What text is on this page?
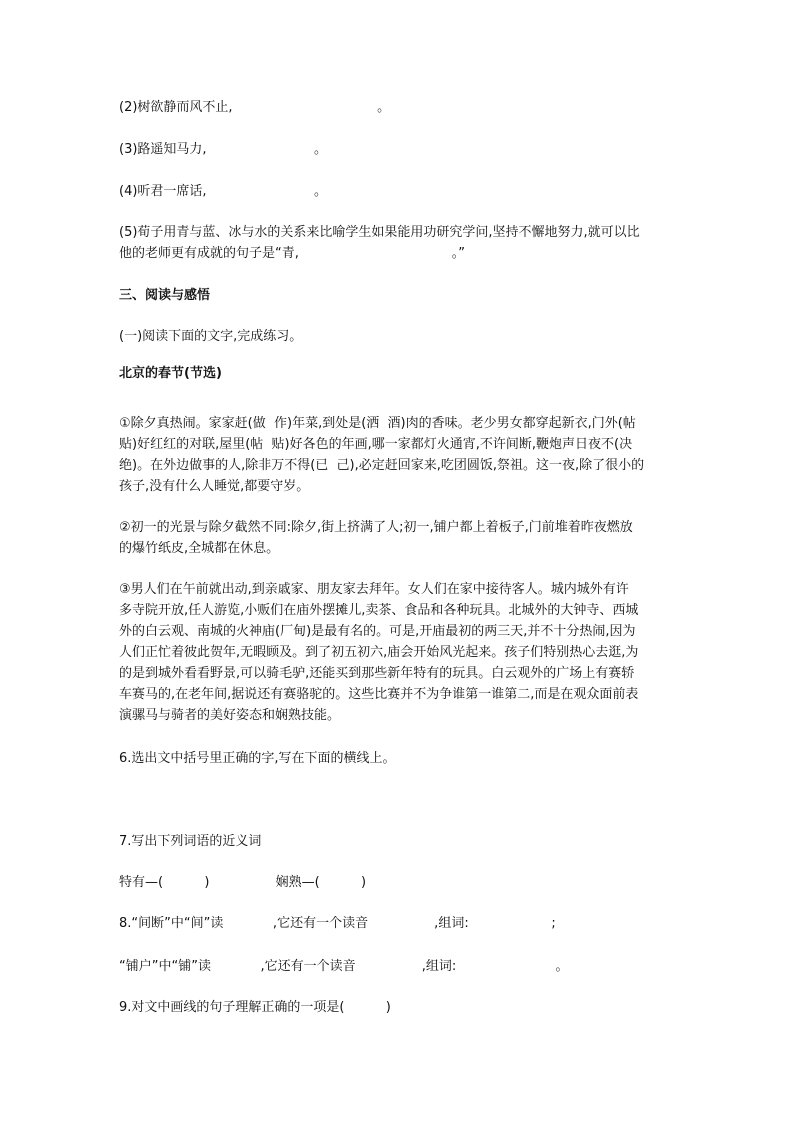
(2)树欲静而风不止,                                   。
(3)路遥知马力,                          。
(4)听君一席话,                          。
(5)荀子用青与蓝、冰与水的关系来比喻学生如果能用功研究学问,坚持不懈地努力,就可以比
他的老师更有成就的句子是“青,                                     。”
三、阅读与感悟
(一)阅读下面的文字,完成练习。
北京的春节(节选)
①除夕真热闹。家家赶(做  作)年菜,到处是(洒  酒)肉的香味。老少男女都穿起新衣,门外(帖
贴)好红红的对联,屋里(帖  贴)好各色的年画,哪一家都灯火通宵,不许间断,鞭炮声日夜不(决
绝)。在外边做事的人,除非万不得(已  己),必定赶回家来,吃团圆饭,祭祖。这一夜,除了很小的
孩子,没有什么人睡觉,都要守岁。
②初一的光景与除夕截然不同:除夕,街上挤满了人;初一,铺户都上着板子,门前堆着昨夜燃放
的爆竹纸皮,全城都在休息。
③男人们在午前就出动,到亲戚家、朋友家去拜年。女人们在家中接待客人。城内城外有许
多寺院开放,任人游览,小贩们在庙外摆摊儿,卖茶、食品和各种玩具。北城外的大钟寺、西城
外的白云观、南城的火神庙(厂甸)是最有名的。可是,开庙最初的两三天,并不十分热闹,因为
人们正忙着彼此贺年,无暇顾及。到了初五初六,庙会开始风光起来。孩子们特别热心去逛,为
的是到城外看看野景,可以骑毛驴,还能买到那些新年特有的玩具。白云观外的广场上有赛轿
车赛马的,在老年间,据说还有赛骆驼的。这些比赛并不为争谁第一谁第二,而是在观众面前表
演骡马与骑者的美好姿态和娴熟技能。
6.选出文中括号里正确的字,写在下面的横线上。
7.写出下列词语的近义词
特有—(          )                娴熟—(          )
8.“间断”中“间”读            ,它还有一个读音                ,组词:                    ;
“铺户”中“铺”读            ,它还有一个读音                ,组词:                        。
9.对文中画线的句子理解正确的一项是(          )
